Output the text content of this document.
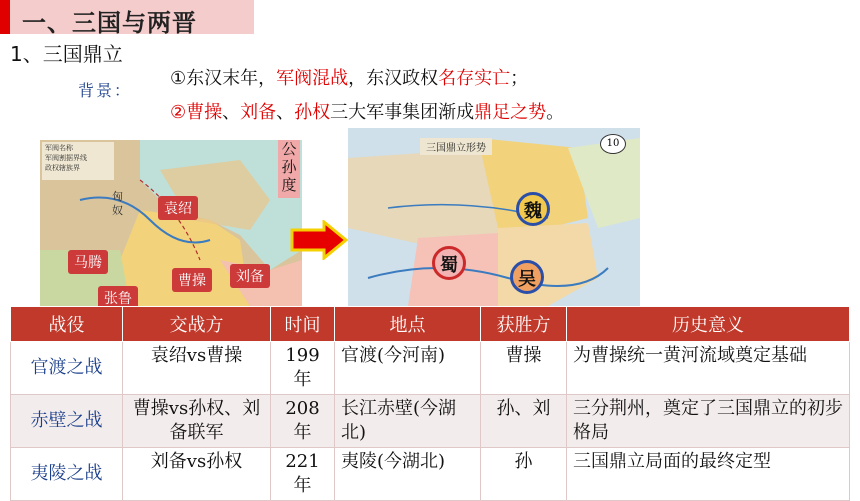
一、三国与两晋
1、三国鼎立
背景：
①东汉末年，军阀混战，东汉政权名存实亡；
②曹操、刘备、孙权三大军事集团渐成鼎足之势。
军阀名称
军阀割据界线
政权辖族界
匈奴	袁绍
马腾
曹操	刘备
张鲁
公孙度
三国鼎立形势	10
魏
蜀
吴
战役	交战方	时间	地点	获胜方	历史意义
官渡之战	袁绍vs曹操	199年	官渡(今河南)	曹操	为曹操统一黄河流域奠定基础
赤壁之战	曹操vs孙权、刘备联军	208年	长江赤壁(今湖北)	孙、刘	三分荆州，奠定了三国鼎立的初步格局
夷陵之战	刘备vs孙权	221年	夷陵(今湖北)	孙	三国鼎立局面的最终定型
